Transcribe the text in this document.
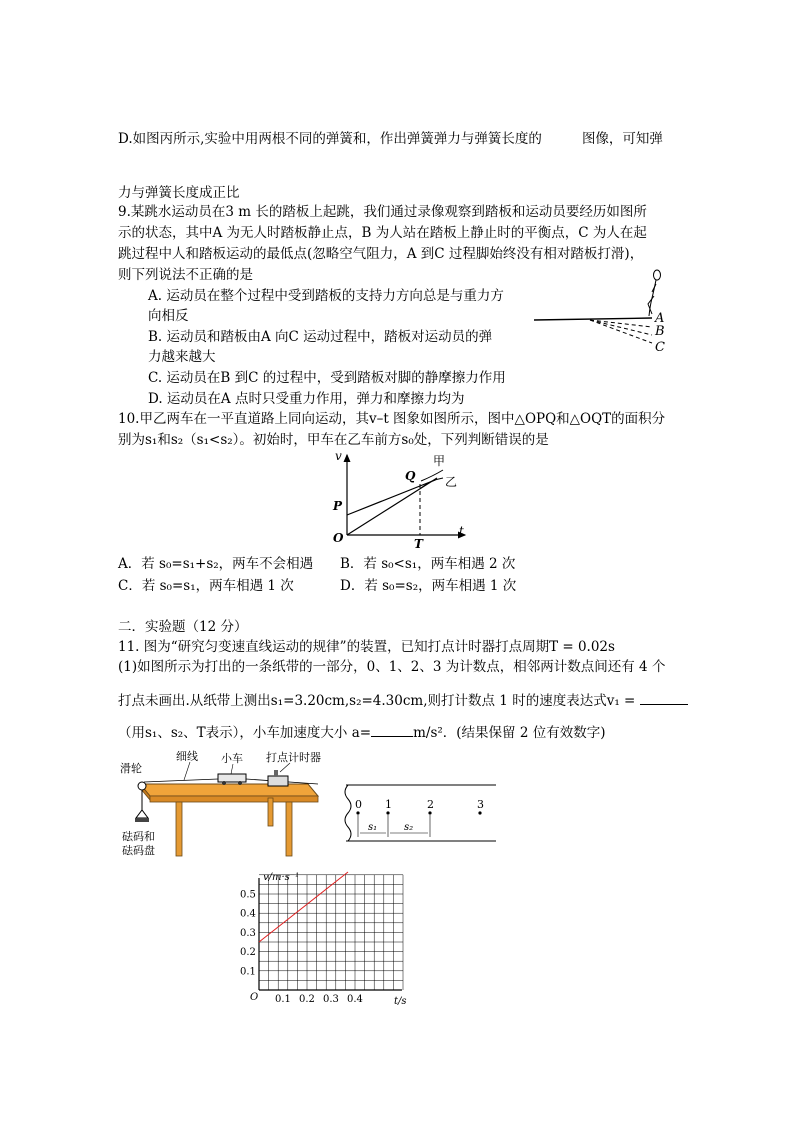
D.如图丙所示,实验中用两根不同的弹簧和，作出弹簧弹力与弹簧长度的	图像，可知弹
力与弹簧长度成正比
9.某跳水运动员在3 m 长的踏板上起跳，我们通过录像观察到踏板和运动员要经历如图所
示的状态，其中A 为无人时踏板静止点，B 为人站在踏板上静止时的平衡点，C 为人在起
跳过程中人和踏板运动的最低点(忽略空气阻力，A 到C 过程脚始终没有相对踏板打滑)，
则下列说法不正确的是
A. 运动员在整个过程中受到踏板的支持力方向总是与重力方
向相反
B. 运动员和踏板由A 向C 运动过程中，踏板对运动员的弹
力越来越大
C. 运动员在B 到C 的过程中，受到踏板对脚的静摩擦力作用
D. 运动员在A 点时只受重力作用，弹力和摩擦力均为
A
B
C
10.甲乙两车在一平直道路上同向运动，其v–t 图象如图所示，图中△OPQ和△OQT的面积分
别为s₁和s₂（s₁<s₂）。初始时，甲车在乙车前方s₀处，下列判断错误的是
v
t
O
P
Q
T
甲
乙
A．若 s₀=s₁+s₂，两车不会相遇 B．若 s₀<s₁，两车相遇 2 次
C．若 s₀=s₁，两车相遇 1 次	D．若 s₀=s₂，两车相遇 1 次
二．实验题（12 分）
11. 图为“研究匀变速直线运动的规律”的装置，已知打点计时器打点周期T = 0.02s
(1)如图所示为打出的一条纸带的一部分，0、1、2、3 为计数点，相邻两计数点间还有 4 个
打点未画出.从纸带上测出s₁=3.20cm,s₂=4.30cm,则打计数点 1 时的速度表达式v₁ =
（用s₁、s₂、T表示），小车加速度大小 a=	m/s²．(结果保留 2 位有效数字)
滑轮
细线 小车 打点计时器
砝码和
砝码盘
0 1	2	3
s₁	s₂
0.1
0.2
0.3
0.4
0.5
0.1 0.2 0.3 0.4
v/m·s⁻¹
t/s
O
